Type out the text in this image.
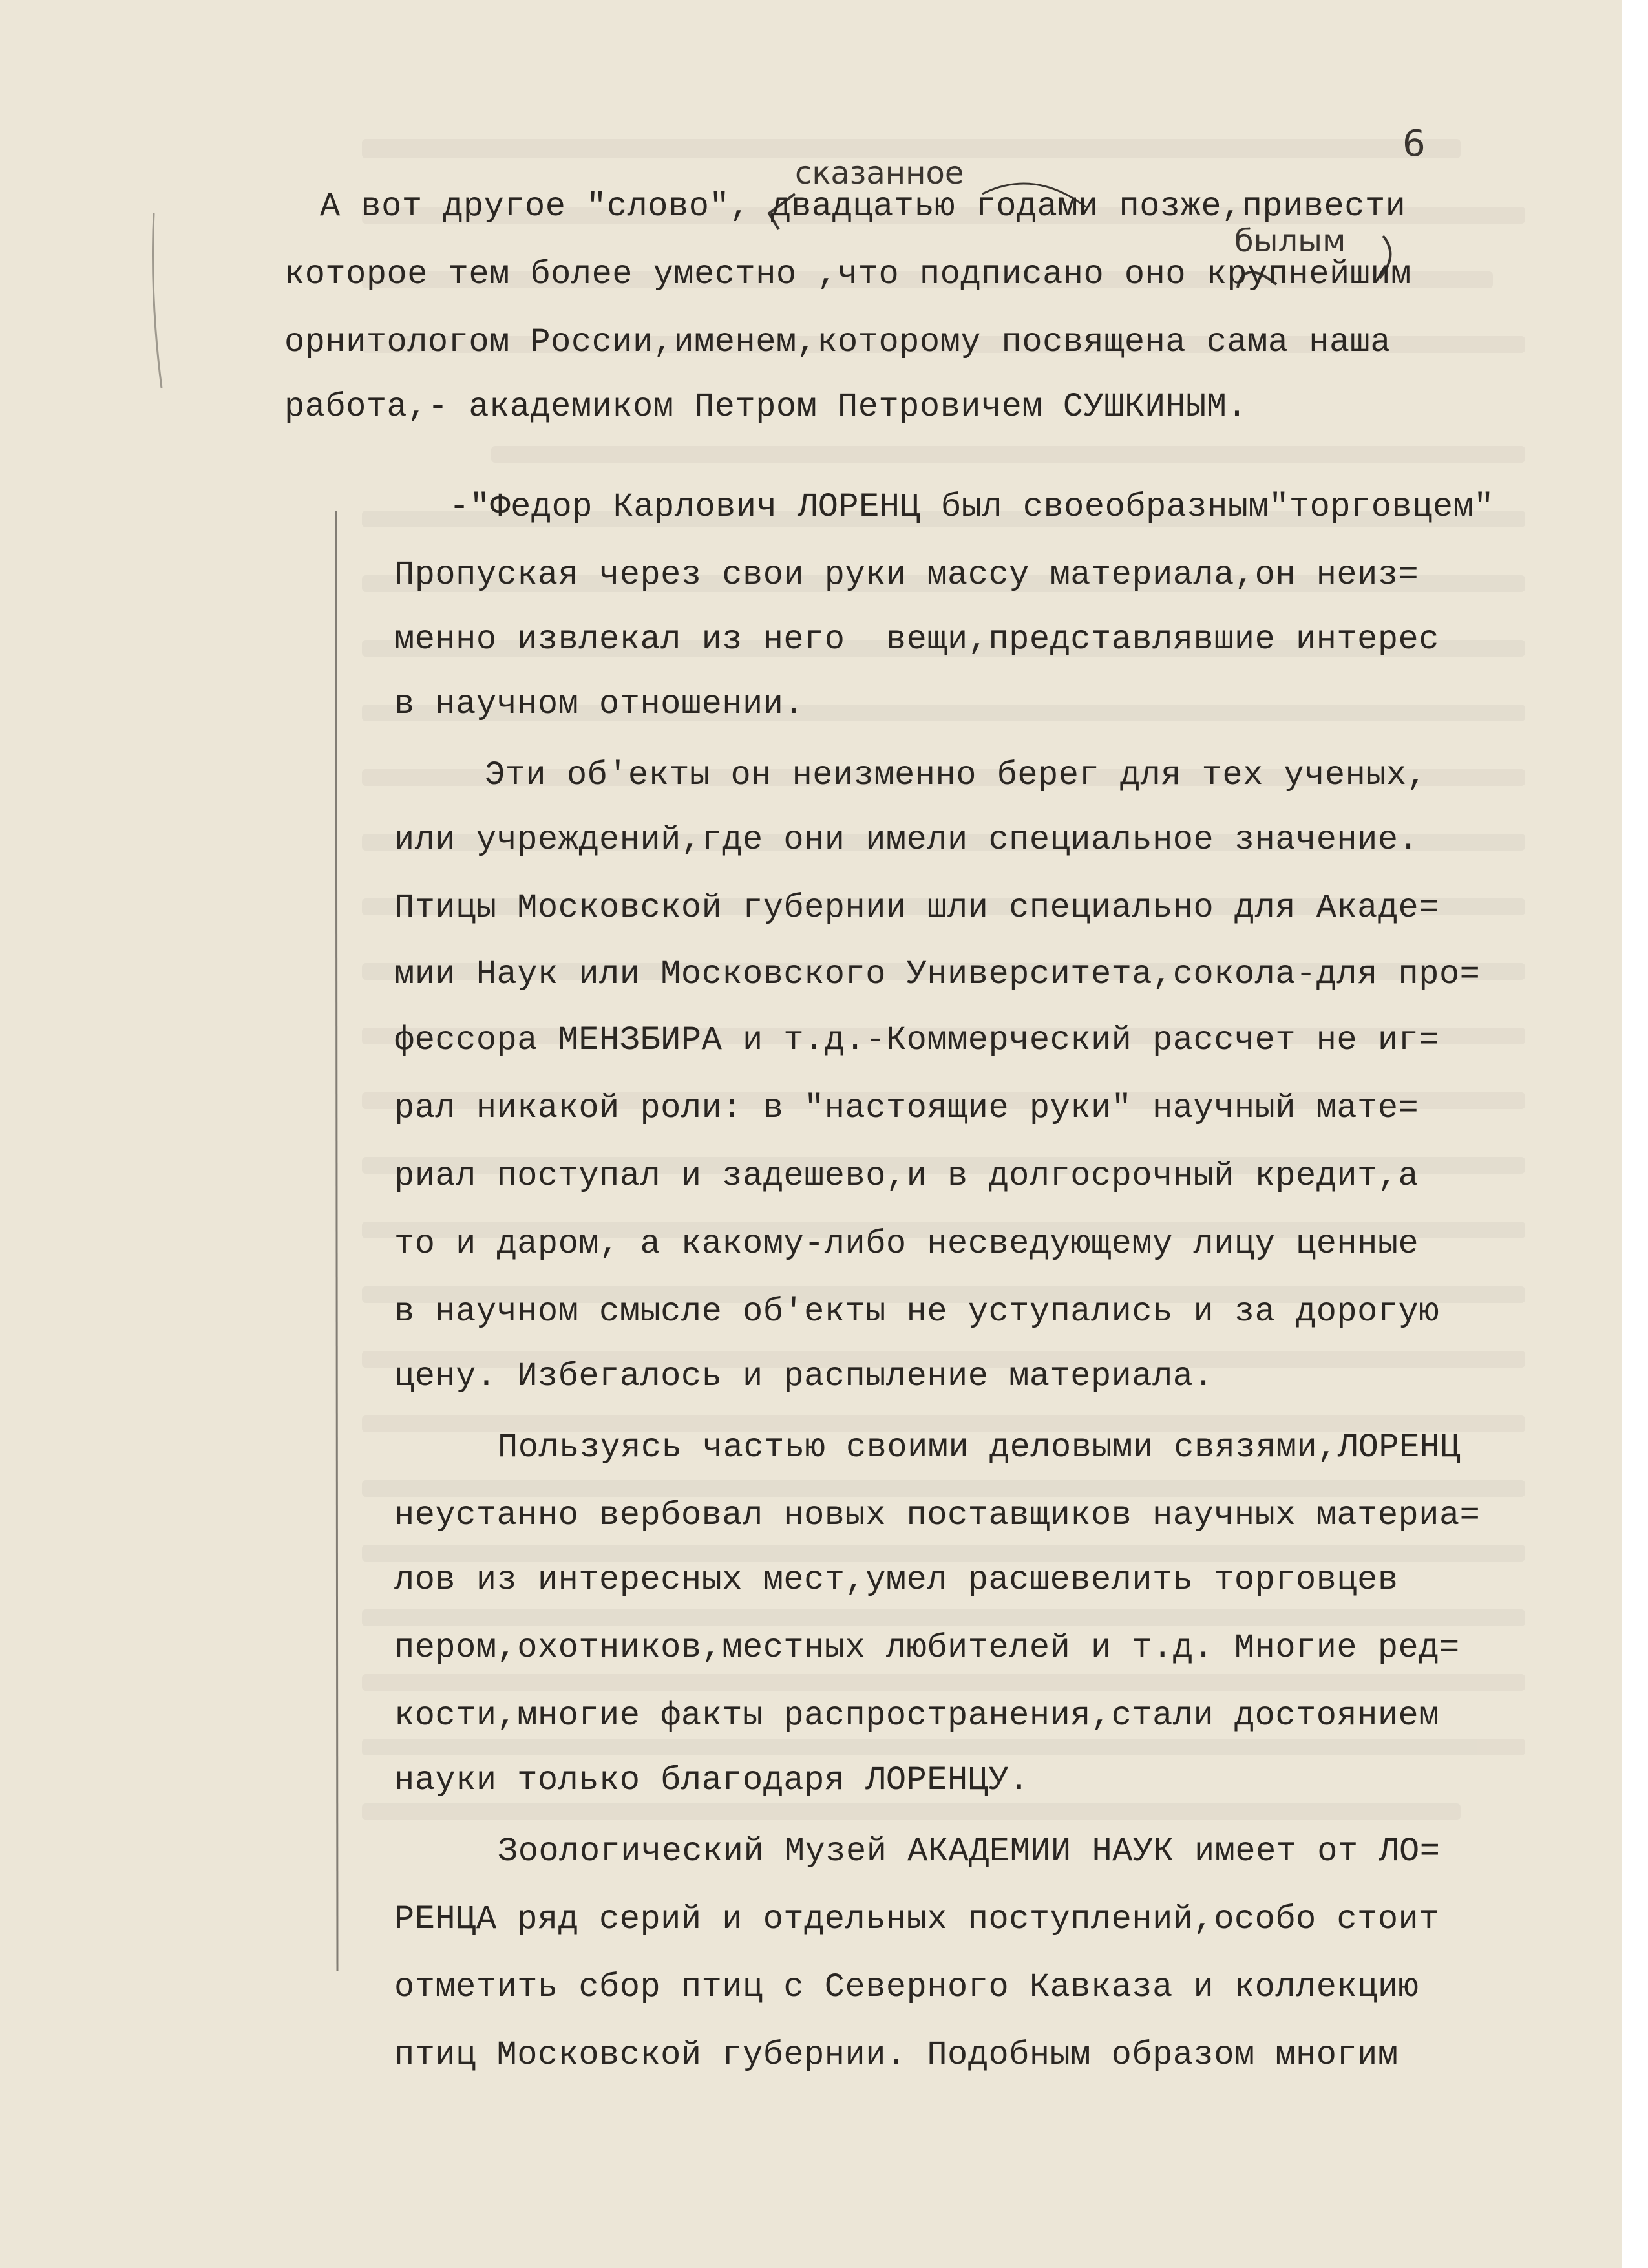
6
сказанное
былым
А вот другое "слово", двадцатью годами позже,привести
которое тем более уместно ,что подписано оно крупнейшим
орнитологом России,именем,которому посвящена сама наша
работа,- академиком Петром Петровичем СУШКИНЫМ.
-"Федор Карлович ЛОРЕНЦ был своеобразным"торговцем"
Пропуская через свои руки массу материала,он неиз=
менно извлекал из него  вещи,представлявшие интерес
в научном отношении.
Эти об'екты он неизменно берег для тех ученых,
или учреждений,где они имели специальное значение.
Птицы Московской губернии шли специально для Акаде=
мии Наук или Московского Университета,сокола-для про=
фессора МЕНЗБИРА и т.д.-Коммерческий рассчет не иг=
рал никакой роли: в "настоящие руки" научный мате=
риал поступал и задешево,и в долгосрочный кредит,а
то и даром, а какому-либо несведующему лицу ценные
в научном смысле об'екты не уступались и за дорогую
цену. Избегалось и распыление материала.
Пользуясь частью своими деловыми связями,ЛОРЕНЦ
неустанно вербовал новых поставщиков научных материа=
лов из интересных мест,умел расшевелить торговцев
пером,охотников,местных любителей и т.д. Многие ред=
кости,многие факты распространения,стали достоянием
науки только благодаря ЛОРЕНЦУ.
Зоологический Музей АКАДЕМИИ НАУК имеет от ЛО=
РЕНЦА ряд серий и отдельных поступлений,особо стоит
отметить сбор птиц с Северного Кавказа и коллекцию
птиц Московской губернии. Подобным образом многим
